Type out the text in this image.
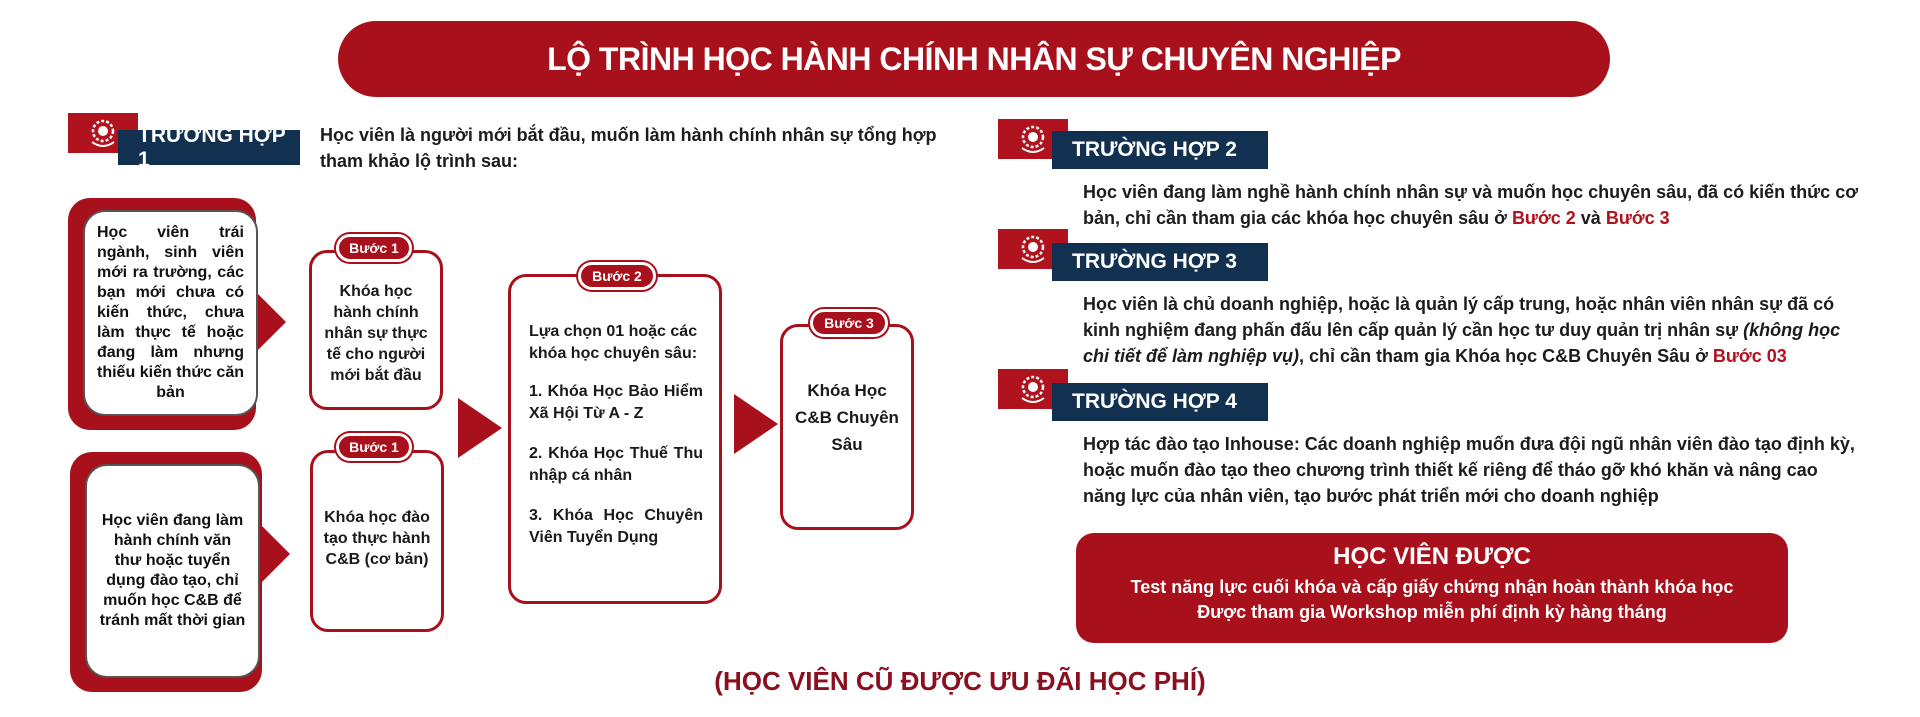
LỘ TRÌNH HỌC HÀNH CHÍNH NHÂN SỰ CHUYÊN NGHIỆP
TRƯỜNG HỢP 1
Học viên là người mới bắt đầu, muốn làm hành chính nhân sự tổng hợp tham khảo lộ trình sau:
Học viên trái ngành, sinh viên mới ra trường, các bạn mới chưa có kiến thức, chưa làm thực tế hoặc đang làm nhưng thiếu kiến thức căn bản
Học viên đang làm hành chính văn thư hoặc tuyển dụng đào tạo, chỉ muốn học C&B để tránh mất thời gian
Khóa học hành chính nhân sự thực tế cho người mới bắt đầu
Bước 1
Khóa học đào tạo thực hành C&B (cơ bản)
Bước 1
Lựa chọn 01 hoặc các khóa học chuyên sâu:
1. Khóa Học Bảo Hiểm Xã Hội Từ A - Z
2. Khóa Học Thuế Thu nhập cá nhân
3. Khóa Học Chuyên Viên Tuyển Dụng
Bước 2
Khóa Học C&B Chuyên Sâu
Bước 3
TRƯỜNG HỢP 2
Học viên đang làm nghề hành chính nhân sự và muốn học chuyên sâu, đã có kiến thức cơ bản, chỉ cần tham gia các khóa học chuyên sâu ở Bước 2 và Bước 3
TRƯỜNG HỢP 3
Học viên là chủ doanh nghiệp, hoặc là quản lý cấp trung, hoặc nhân viên nhân sự đã có kinh nghiệm đang phấn đấu lên cấp quản lý cần học tư duy quản trị nhân sự (không học chi tiết để làm nghiệp vụ), chỉ cần tham gia Khóa học C&B Chuyên Sâu ở Bước 03
TRƯỜNG HỢP 4
Hợp tác đào tạo Inhouse: Các doanh nghiệp muốn đưa đội ngũ nhân viên đào tạo định kỳ, hoặc muốn đào tạo theo chương trình thiết kế riêng để tháo gỡ khó khăn và nâng cao năng lực của nhân viên, tạo bước phát triển mới cho doanh nghiệp
HỌC VIÊN ĐƯỢC
Test năng lực cuối khóa và cấp giấy chứng nhận hoàn thành khóa học
Được tham gia Workshop miễn phí định kỳ hàng tháng
(HỌC VIÊN CŨ ĐƯỢC ƯU ĐÃI HỌC PHÍ)
